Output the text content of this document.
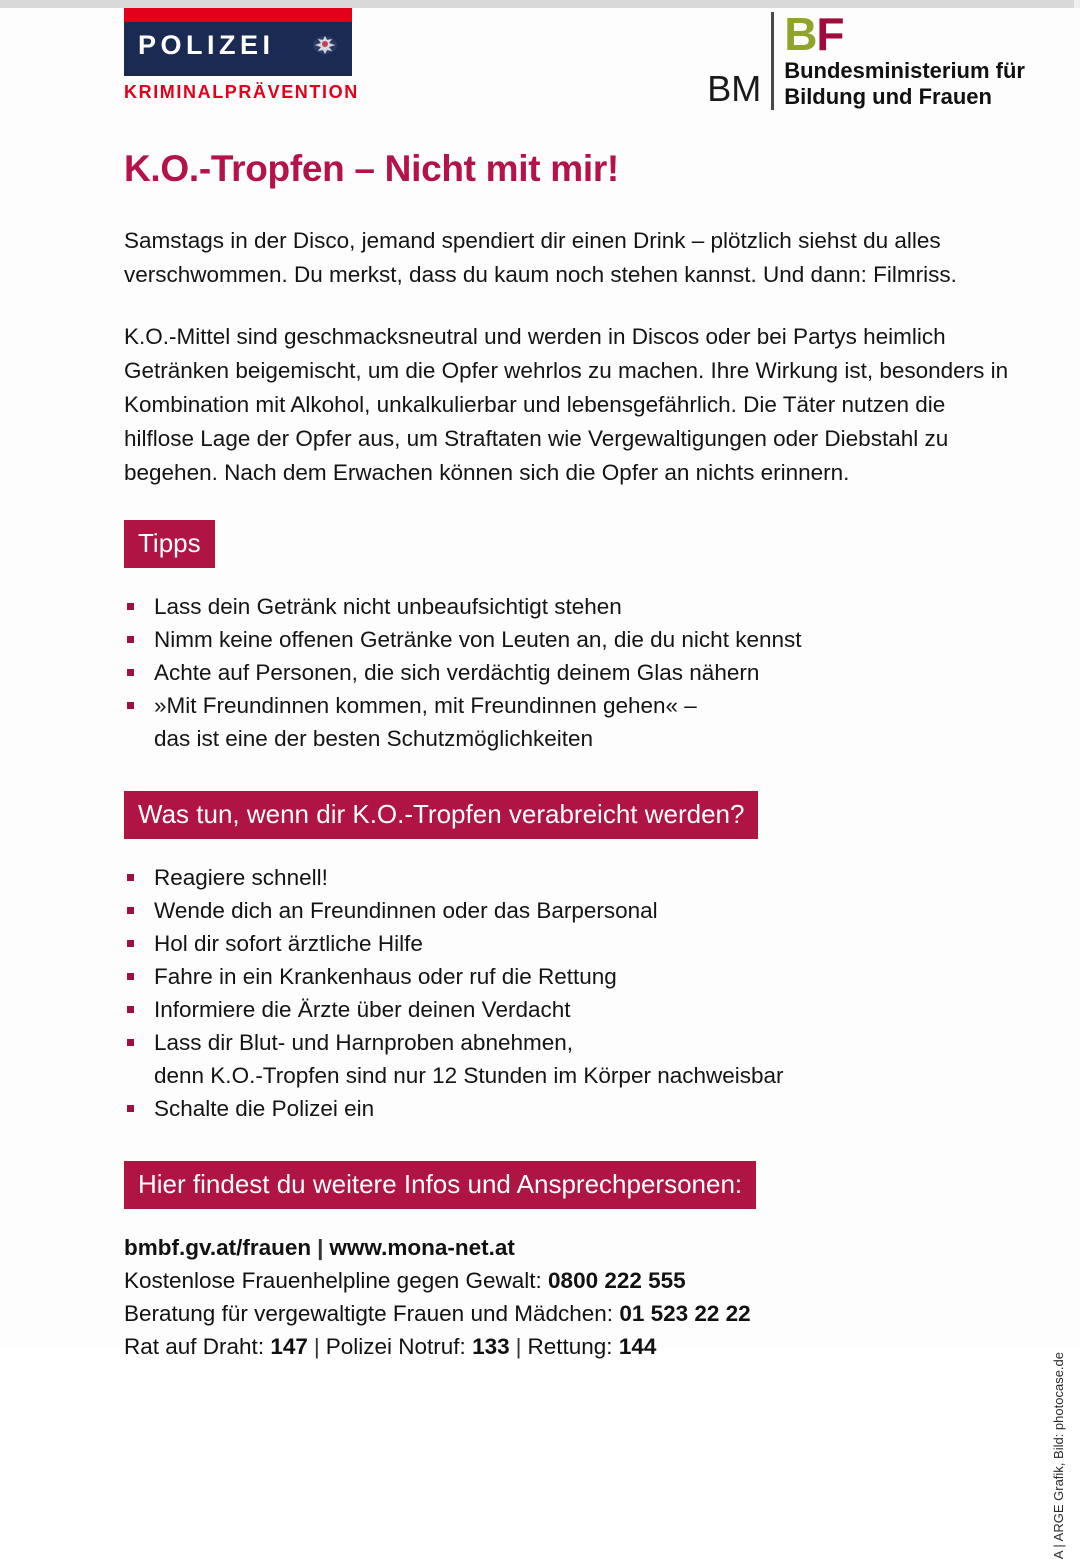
POLIZEI
KRIMINALPRÄVENTION	BM
BF
Bundesministerium für
Bildung und Frauen
K.O.-Tropfen – Nicht mit mir!

Samstags in der Disco, jemand spendiert dir einen Drink – plötzlich siehst du alles verschwommen. Du merkst, dass du kaum noch stehen kannst. Und dann: Filmriss.

K.O.-Mittel sind geschmacksneutral und werden in Discos oder bei Partys heimlich Getränken beigemischt, um die Opfer wehrlos zu machen. Ihre Wirkung ist, besonders in Kombination mit Alkohol, unkalkulierbar und lebensgefährlich. Die Täter nutzen die hilflose Lage der Opfer aus, um Straftaten wie Vergewaltigungen oder Diebstahl zu begehen. Nach dem Erwachen können sich die Opfer an nichts erinnern.

Tipps
Lass dein Getränk nicht unbeaufsichtigt stehen
Nimm keine offenen Getränke von Leuten an, die du nicht kennst
Achte auf Personen, die sich verdächtig deinem Glas nähern
»Mit Freundinnen kommen, mit Freundinnen gehen« –
das ist eine der besten Schutzmöglichkeiten
Was tun, wenn dir K.O.-Tropfen verabreicht werden?
Reagiere schnell!
Wende dich an Freundinnen oder das Barpersonal
Hol dir sofort ärztliche Hilfe
Fahre in ein Krankenhaus oder ruf die Rettung
Informiere die Ärzte über deinen Verdacht
Lass dir Blut- und Harnproben abnehmen,
denn K.O.-Tropfen sind nur 12 Stunden im Körper nachweisbar
Schalte die Polizei ein
Hier findest du weitere Infos und Ansprechpersonen:
bmbf.gv.at/frauen | www.mona-net.at
Kostenlose Frauenhelpline gegen Gewalt: 0800 222 555
Beratung für vergewaltigte Frauen und Mädchen: 01 523 22 22
Rat auf Draht: 147 | Polizei Notruf: 133 | Rettung: 144
A | ARGE Grafik, Bild: photocase.de
